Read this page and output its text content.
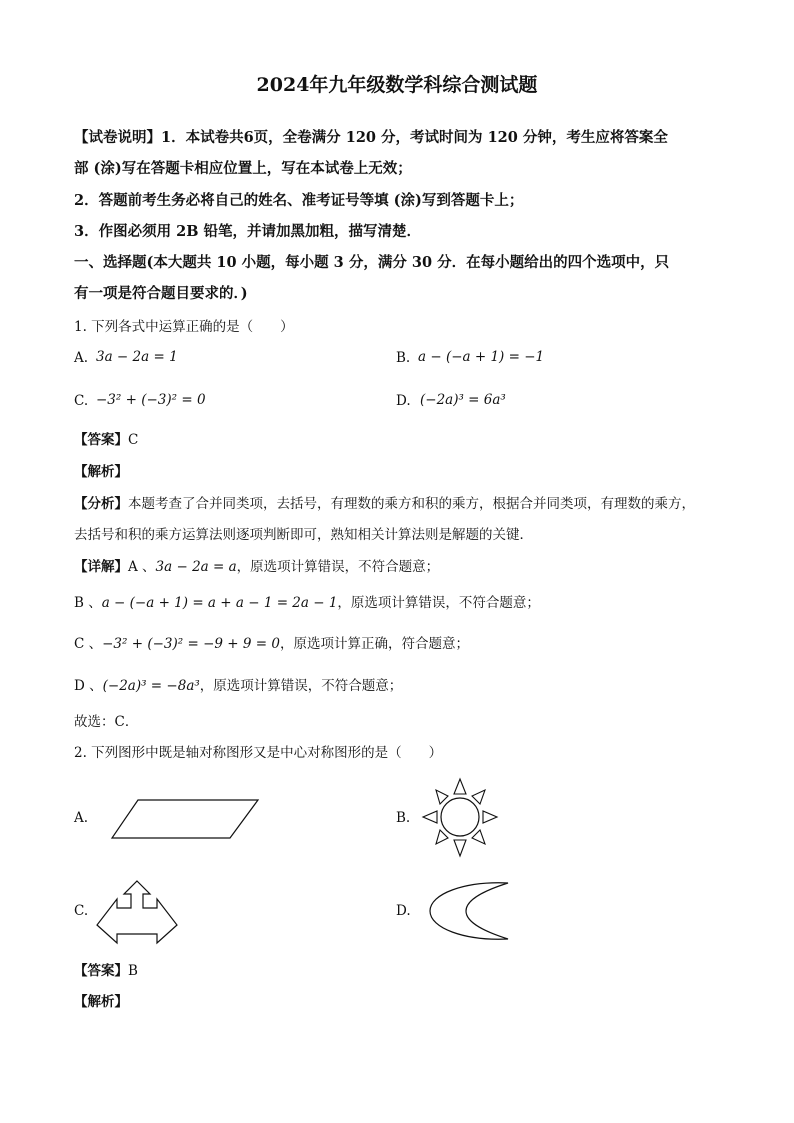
2024年九年级数学科综合测试题
【试卷说明】1．本试卷共6页，全卷满分 120 分，考试时间为 120 分钟，考生应将答案全
部 (涂)写在答题卡相应位置上，写在本试卷上无效；
2．答题前考生务必将自己的姓名、准考证号等填 (涂)写到答题卡上；
3．作图必须用 2B 铅笔，并请加黑加粗，描写清楚．
一、选择题(本大题共 10 小题，每小题 3 分，满分 30 分．在每小题给出的四个选项中，只
有一项是符合题目要求的．)
1. 下列各式中运算正确的是（　　）
A. 3a − 2a = 1	B. a − (−a + 1) = −1
C. −3² + (−3)² = 0	D. (−2a)³ = 6a³
【答案】C
【解析】
【分析】本题考查了合并同类项，去括号，有理数的乘方和积的乘方，根据合并同类项，有理数的乘方，
去括号和积的乘方运算法则逐项判断即可，熟知相关计算法则是解题的关键．
【详解】A 、3a − 2a = a，原选项计算错误，不符合题意；
B 、a − (−a + 1) = a + a − 1 = 2a − 1，原选项计算错误，不符合题意；
C 、−3² + (−3)² = −9 + 9 = 0，原选项计算正确，符合题意；
D 、(−2a)³ = −8a³，原选项计算错误，不符合题意；
故选：C．
2. 下列图形中既是轴对称图形又是中心对称图形的是（　　）
A.	B.
C.	D.
【答案】B
【解析】
